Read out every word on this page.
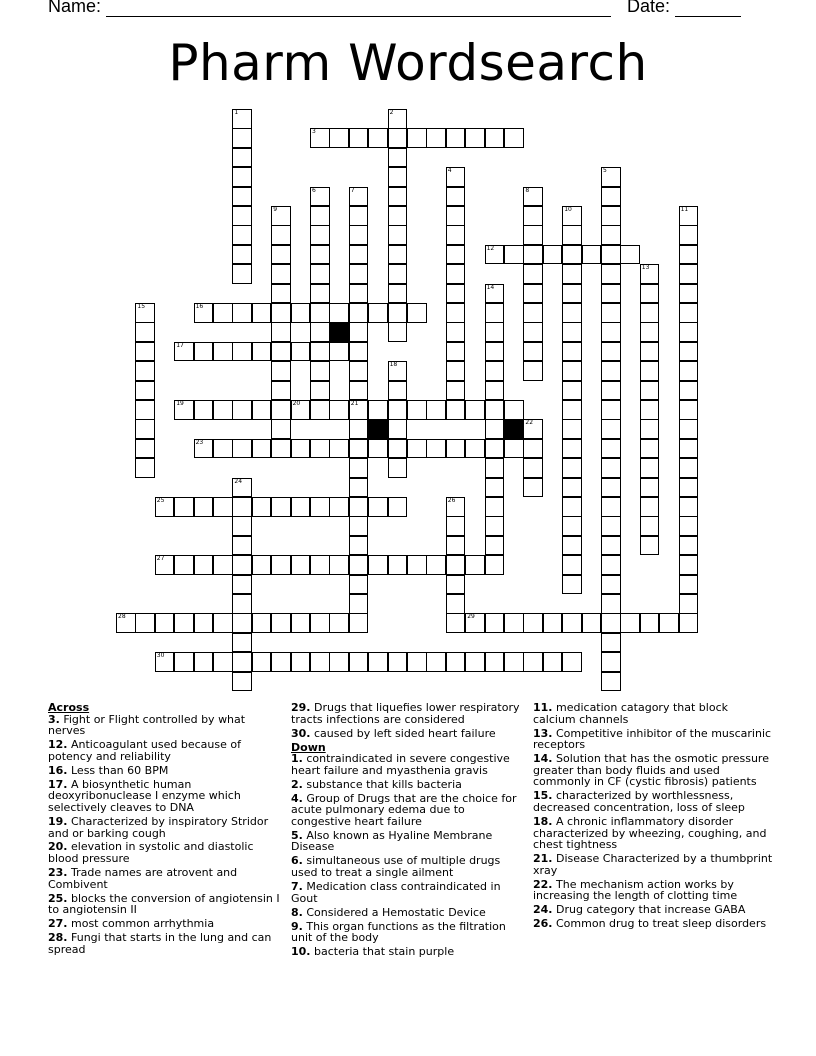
Name:	Date:
Pharm Wordsearch
1	2
3
4	5
6	7
21
8
9	10	11
12
13
14
15	16
17
18
19	20
22
23
24
25	26
27
28	29
30
Across
3. Fight or Flight controlled by what nerves
12. Anticoagulant used because of potency and reliability
16. Less than 60 BPM
17. A biosynthetic human deoxyribonuclease I enzyme which selectively cleaves to DNA
19. Characterized by inspiratory Stridor and or barking cough
20. elevation in systolic and diastolic blood pressure
23. Trade names are atrovent and Combivent
25. blocks the conversion of angiotensin I to angiotensin II
27. most common arrhythmia
28. Fungi that starts in the lung and can spread
29. Drugs that liquefies lower respiratory tracts infections are considered
30. caused by left sided heart failure
Down
1. contraindicated in severe congestive heart failure and myasthenia gravis
2. substance that kills bacteria
4. Group of Drugs that are the choice for acute pulmonary edema due to congestive heart failure
5. Also known as Hyaline Membrane Disease
6. simultaneous use of multiple drugs used to treat a single ailment
7. Medication class contraindicated in Gout
8. Considered a Hemostatic Device
9. This organ functions as the filtration unit of the body
10. bacteria that stain purple
11. medication catagory that block calcium channels
13. Competitive inhibitor of the muscarinic receptors
14. Solution that has the osmotic pressure greater than body fluids and used commonly in CF (cystic fibrosis) patients
15. characterized by worthlessness, decreased concentration, loss of sleep
18. A chronic inflammatory disorder characterized by wheezing, coughing, and chest tightness
21. Disease Characterized by a thumbprint xray
22. The mechanism action works by increasing the length of clotting time
24. Drug category that increase GABA
26. Common drug to treat sleep disorders
